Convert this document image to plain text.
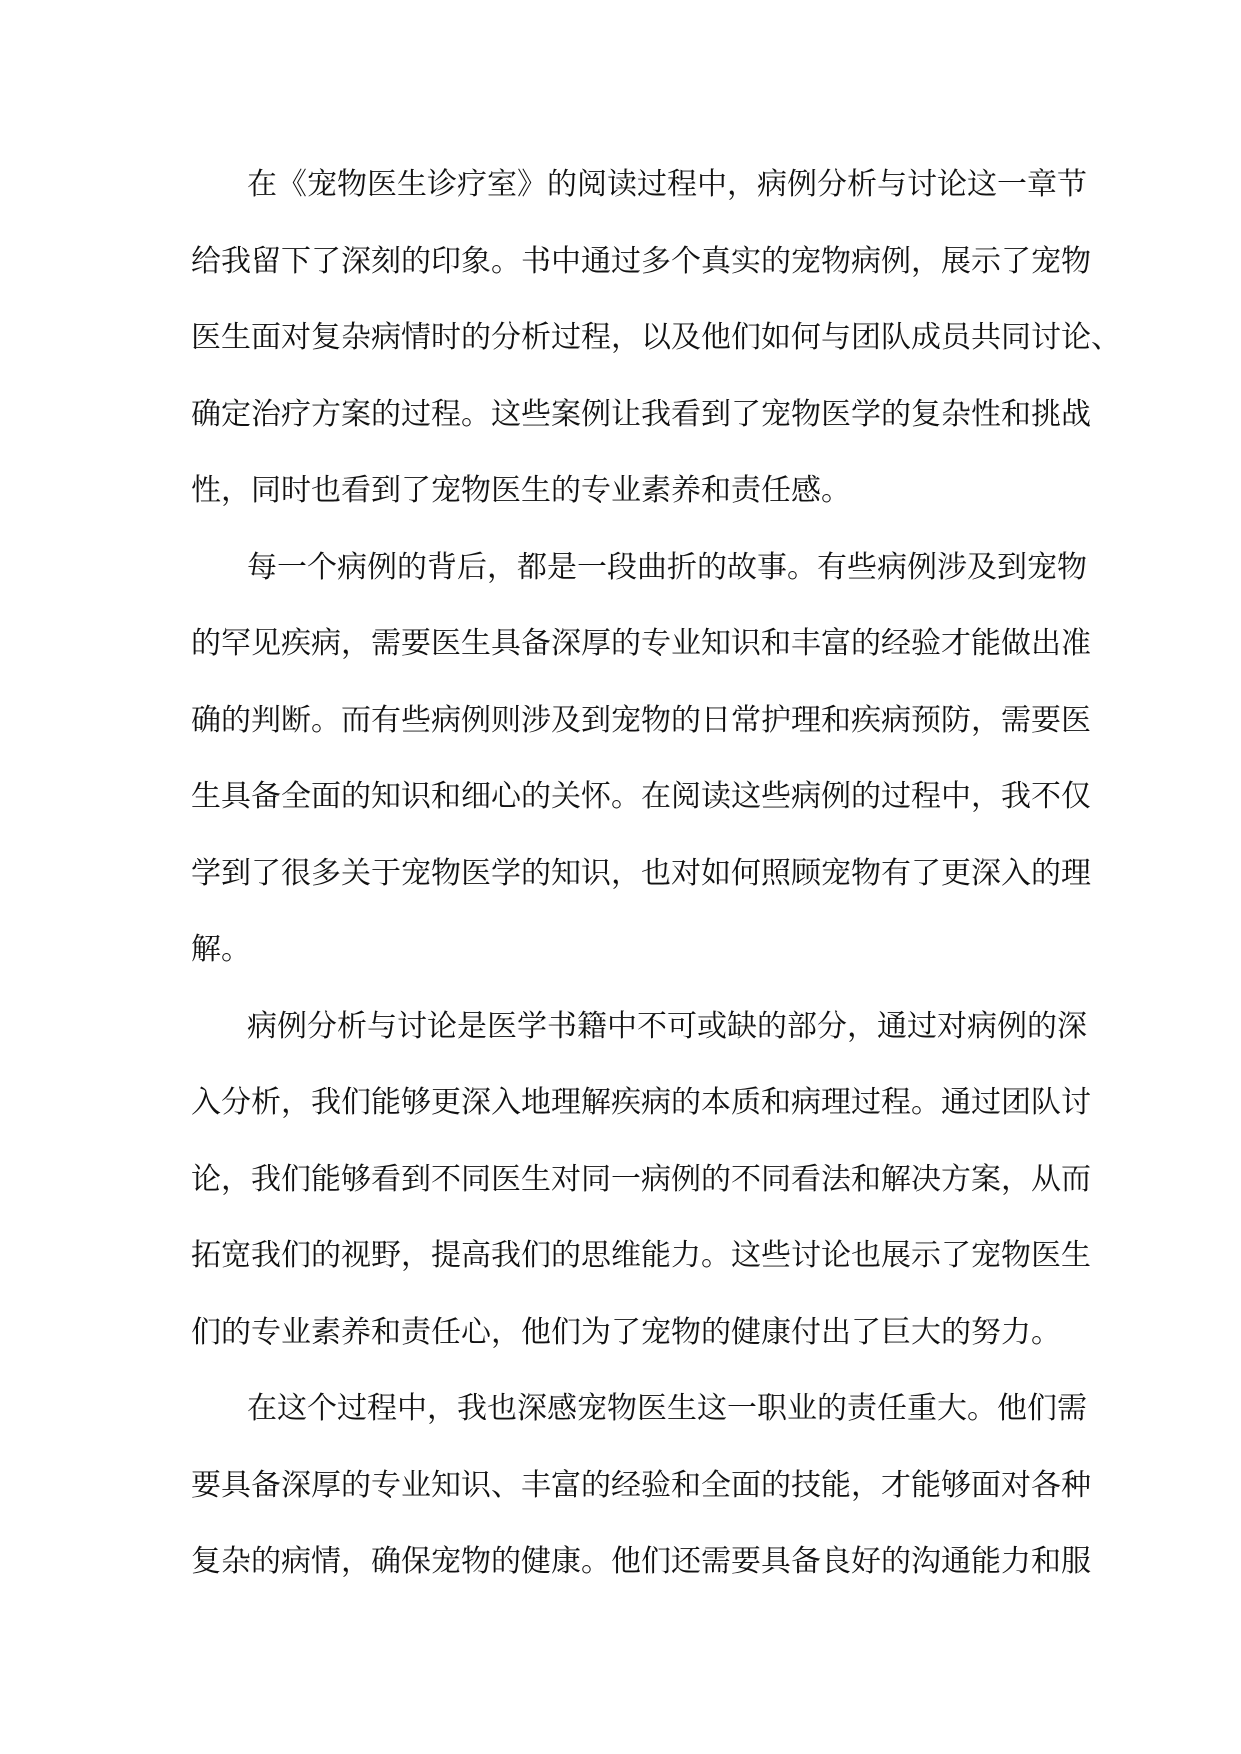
在《宠物医生诊疗室》的阅读过程中，病例分析与讨论这一章节
给我留下了深刻的印象。书中通过多个真实的宠物病例，展示了宠物
医生面对复杂病情时的分析过程，以及他们如何与团队成员共同讨论、
确定治疗方案的过程。这些案例让我看到了宠物医学的复杂性和挑战
性，同时也看到了宠物医生的专业素养和责任感。
每一个病例的背后，都是一段曲折的故事。有些病例涉及到宠物
的罕见疾病，需要医生具备深厚的专业知识和丰富的经验才能做出准
确的判断。而有些病例则涉及到宠物的日常护理和疾病预防，需要医
生具备全面的知识和细心的关怀。在阅读这些病例的过程中，我不仅
学到了很多关于宠物医学的知识，也对如何照顾宠物有了更深入的理
解。
病例分析与讨论是医学书籍中不可或缺的部分，通过对病例的深
入分析，我们能够更深入地理解疾病的本质和病理过程。通过团队讨
论，我们能够看到不同医生对同一病例的不同看法和解决方案，从而
拓宽我们的视野，提高我们的思维能力。这些讨论也展示了宠物医生
们的专业素养和责任心，他们为了宠物的健康付出了巨大的努力。
在这个过程中，我也深感宠物医生这一职业的责任重大。他们需
要具备深厚的专业知识、丰富的经验和全面的技能，才能够面对各种
复杂的病情，确保宠物的健康。他们还需要具备良好的沟通能力和服
